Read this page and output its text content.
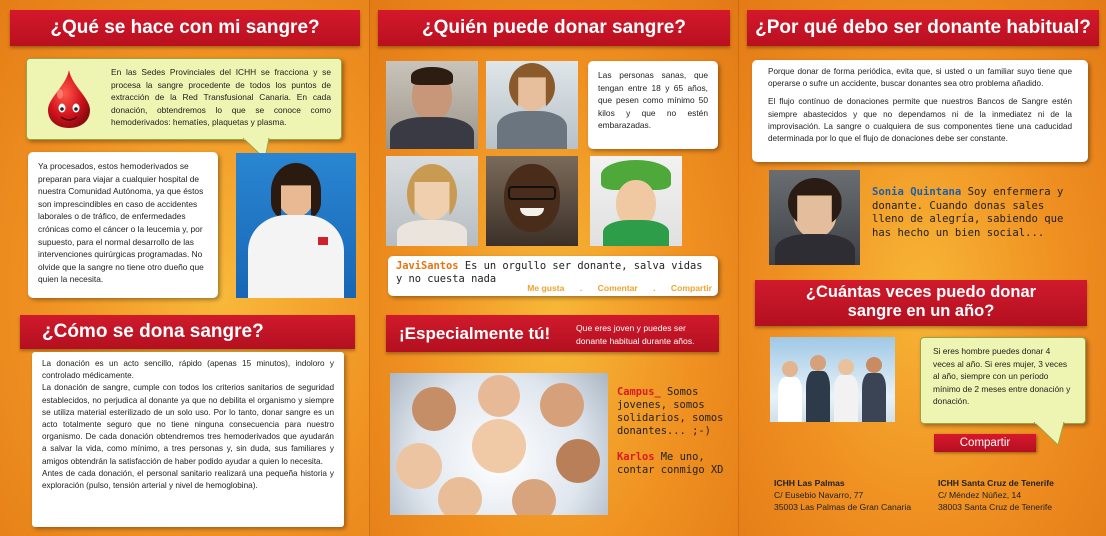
¿Qué se hace con mi sangre?
En las Sedes Provinciales del ICHH se fracciona y se procesa la sangre procedente de todos los puntos de extracción de la Red Transfusional Canaria. En cada donación, obtendremos lo que se conoce como hemoderivados: hematíes, plaquetas y plasma.
Ya procesados, estos hemoderivados se preparan para viajar a cualquier hospital de nuestra Comunidad Autónoma, ya que éstos son imprescindibles en caso de accidentes laborales o de tráfico, de enfermedades crónicas como el cáncer o la leucemia y, por supuesto, para el normal desarrollo de las intervenciones quirúrgicas programadas. No olvide que la sangre no tiene otro dueño que quien la necesita.
¿Cómo se dona sangre?

La donación es un acto sencillo, rápido (apenas 15 minutos), indoloro y controlado médicamente.

La donación de sangre, cumple con todos los criterios sanitarios de seguridad establecidos, no perjudica al donante ya que no debilita el organismo y siempre se utiliza material esterilizado de un solo uso. Por lo tanto, donar sangre es un acto totalmente seguro que no tiene ninguna consecuencia para nuestro organismo. De cada donación obtendremos tres hemoderivados que ayudarán a salvar la vida, como mínimo, a tres personas y, sin duda, sus familiares y amigos obtendrán la satisfacción de haber podido ayudar a quien lo necesita.

Antes de cada donación, el personal sanitario realizará una pequeña historia y exploración (pulso, tensión arterial y nivel de hemoglobina).

¿Quién puede donar sangre?
Las personas sanas, que tengan entre 18 y 65 años, que pesen como mínimo 50 kilos y que no estén embarazadas.
JaviSantos Es un orgullo ser donante, salva vidas y no cuesta nada
Me gusta . Comentar . Compartir
¡Especialmente tú!	Que eres joven y puedes ser donante habitual durante años.
Campus_ Somos jovenes, somos solidarios, somos donantes... ;-)
Karlos Me uno, contar conmigo XD
¿Por qué debo ser donante habitual?

Porque donar de forma periódica, evita que, si usted o un familiar suyo tiene que operarse o sufre un accidente, buscar donantes sea otro problema añadido.

El flujo contínuo de donaciones permite que nuestros Bancos de Sangre estén siempre abastecidos y que no dependamos ni de la inmediatez ni de la improvisación. La sangre o cualquiera de sus componentes tiene una caducidad determinada por lo que el flujo de donaciones debe ser constante.

Sonia Quintana Soy enfermera y donante. Cuando donas sales lleno de alegría, sabiendo que has hecho un bien social...
¿Cuántas veces puedo donar sangre en un año?
Si eres hombre puedes donar 4 veces al año. Si eres mujer, 3 veces al año, siempre con un período mínimo de 2 meses entre donación y donación.
Compartir
ICHH Las Palmas
C/ Eusebio Navarro, 77
35003 Las Palmas de Gran Canaria
ICHH Santa Cruz de Tenerife
C/ Méndez Núñez, 14
38003 Santa Cruz de Tenerife
